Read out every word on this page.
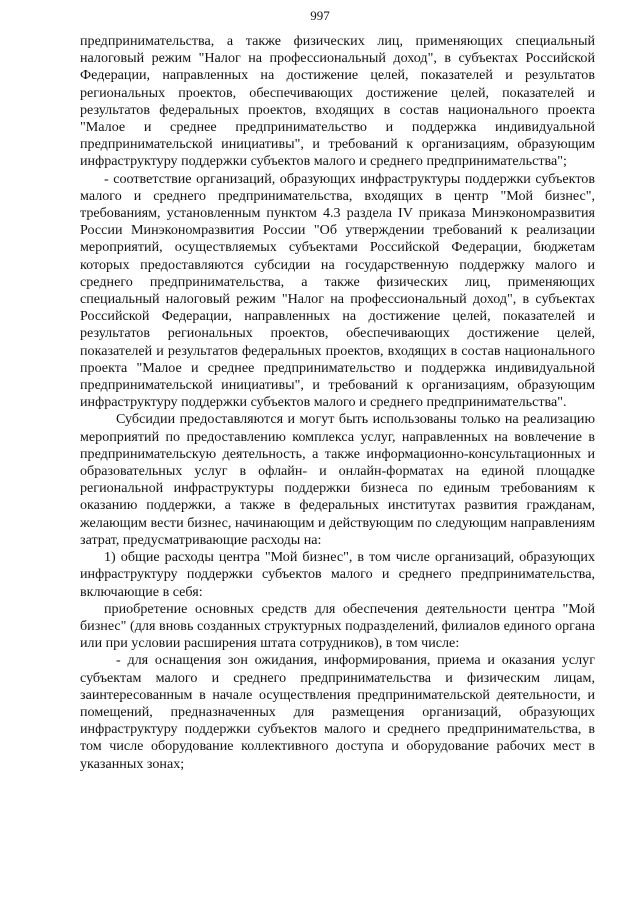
997

предпринимательства, а также физических лиц, применяющих специальный налоговый режим "Налог на профессиональный доход", в субъектах Российской Федерации, направленных на достижение целей, показателей и результатов региональных проектов, обеспечивающих достижение целей, показателей и результатов федеральных проектов, входящих в состав национального проекта "Малое и среднее предпринимательство и поддержка индивидуальной предпринимательской инициативы", и требований к организациям, образующим инфраструктуру поддержки субъектов малого и среднего предпринимательства";

- соответствие организаций, образующих инфраструктуры поддержки субъектов малого и среднего предпринимательства, входящих в центр "Мой бизнес", требованиям, установленным пунктом 4.3 раздела IV приказа Минэкономразвития России Минэкономразвития России "Об утверждении требований к реализации мероприятий, осуществляемых субъектами Российской Федерации, бюджетам которых предоставляются субсидии на государственную поддержку малого и среднего предпринимательства, а также физических лиц, применяющих специальный налоговый режим "Налог на профессиональный доход", в субъектах Российской Федерации, направленных на достижение целей, показателей и результатов региональных проектов, обеспечивающих достижение целей, показателей и результатов федеральных проектов, входящих в состав национального проекта "Малое и среднее предпринимательство и поддержка индивидуальной предпринимательской инициативы", и требований к организациям, образующим инфраструктуру поддержки субъектов малого и среднего предпринимательства".

Субсидии предоставляются и могут быть использованы только на реализацию мероприятий по предоставлению комплекса услуг, направленных на вовлечение в предпринимательскую деятельность, а также информационно-консультационных и образовательных услуг в офлайн- и онлайн-форматах на единой площадке региональной инфраструктуры поддержки бизнеса по единым требованиям к оказанию поддержки, а также в федеральных институтах развития гражданам, желающим вести бизнес, начинающим и действующим по следующим направлениям затрат, предусматривающие расходы на:

1) общие расходы центра "Мой бизнес", в том числе организаций, образующих инфраструктуру поддержки субъектов малого и среднего предпринимательства, включающие в себя:

приобретение основных средств для обеспечения деятельности центра "Мой бизнес" (для вновь созданных структурных подразделений, филиалов единого органа или при условии расширения штата сотрудников), в том числе:

- для оснащения зон ожидания, информирования, приема и оказания услуг субъектам малого и среднего предпринимательства и физическим лицам, заинтересованным в начале осуществления предпринимательской деятельности, и помещений, предназначенных для размещения организаций, образующих инфраструктуру поддержки субъектов малого и среднего предпринимательства, в том числе оборудование коллективного доступа и оборудование рабочих мест в указанных зонах;
